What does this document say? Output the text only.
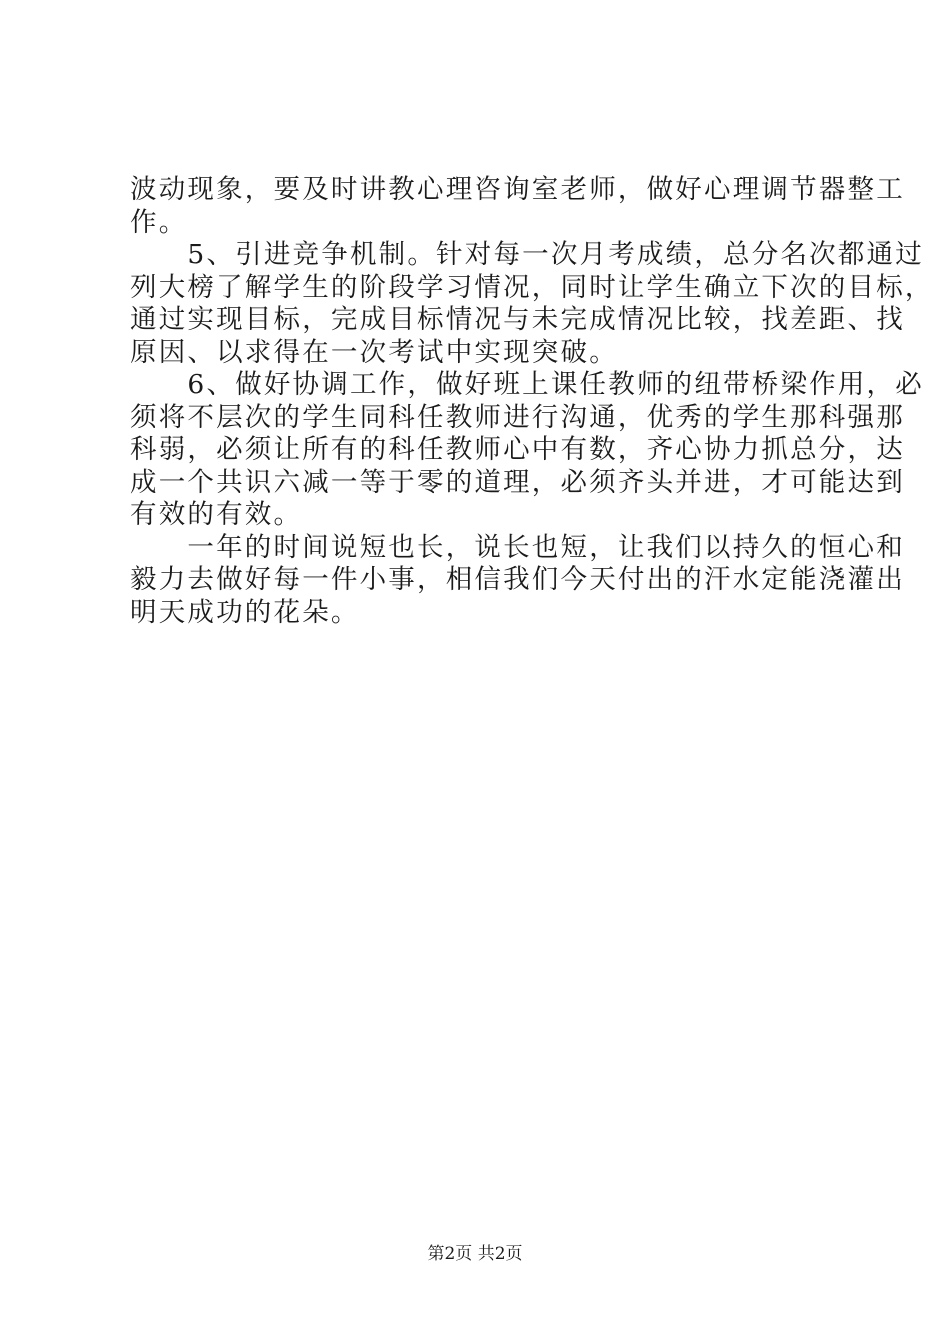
波动现象，要及时讲教心理咨询室老师，做好心理调节器整工

作。

　　5、引进竞争机制。针对每一次月考成绩，总分名次都通过

列大榜了解学生的阶段学习情况，同时让学生确立下次的目标，

通过实现目标，完成目标情况与未完成情况比较，找差距、找

原因、以求得在一次考试中实现突破。

　　6、做好协调工作，做好班上课任教师的纽带桥梁作用，必

须将不层次的学生同科任教师进行沟通，优秀的学生那科强那

科弱，必须让所有的科任教师心中有数，齐心协力抓总分，达

成一个共识六减一等于零的道理，必须齐头并进，才可能达到

有效的有效。

　　一年的时间说短也长，说长也短，让我们以持久的恒心和

毅力去做好每一件小事，相信我们今天付出的汗水定能浇灌出

明天成功的花朵。

第2页 共2页
